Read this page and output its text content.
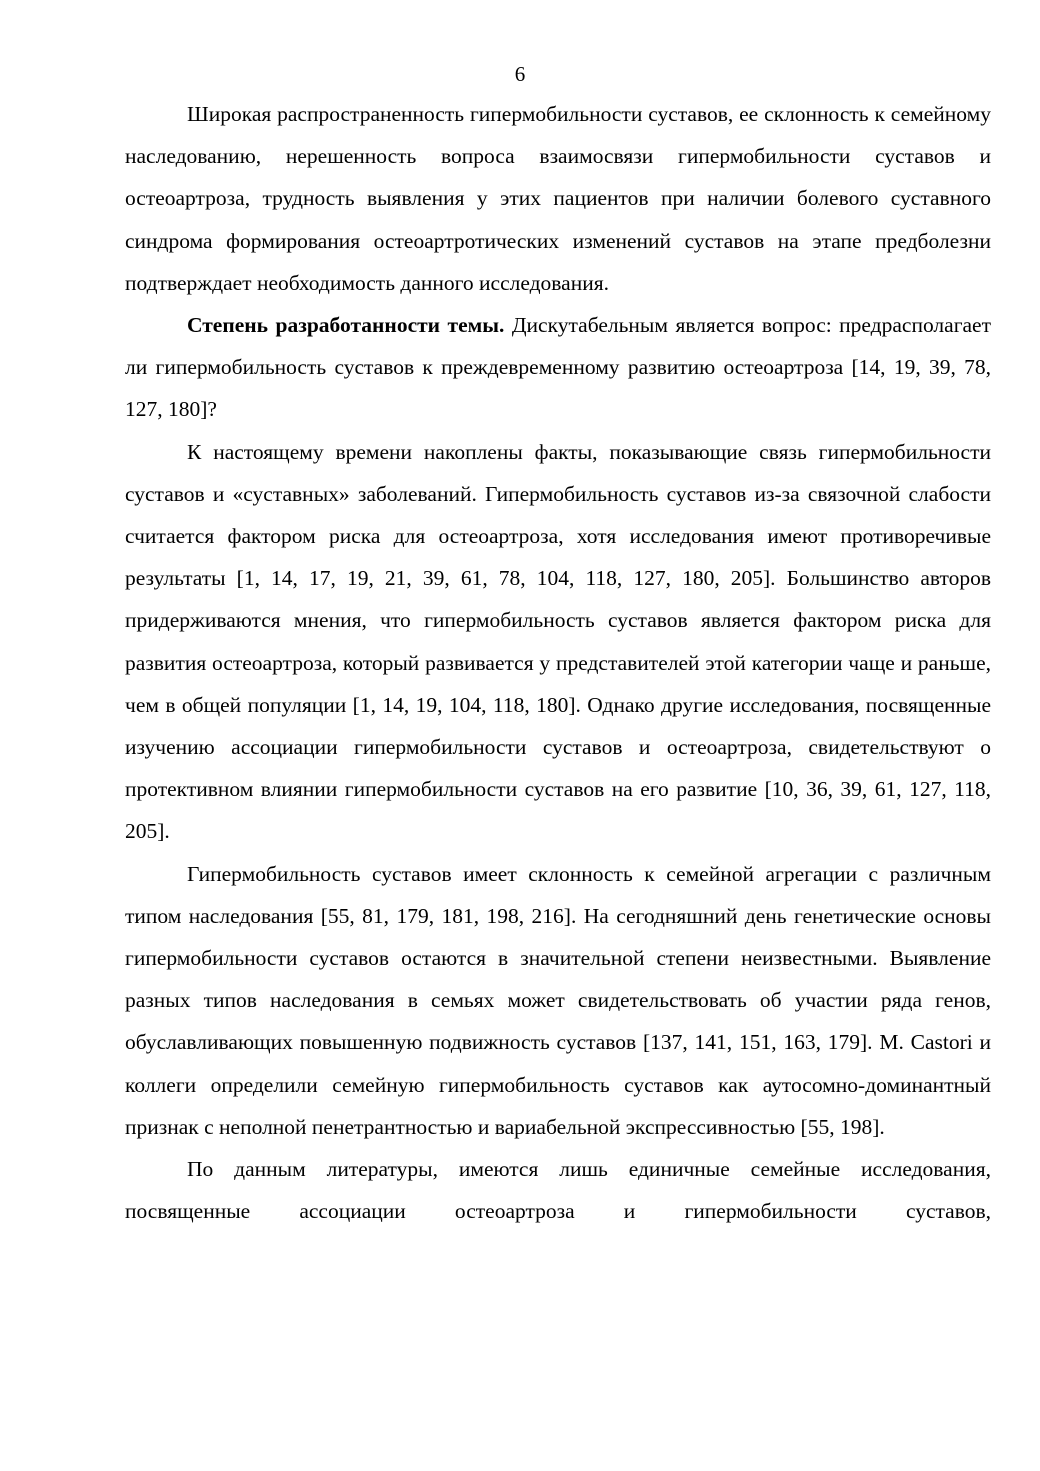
6

Широкая распространенность гипермобильности суставов, ее склонность к семейному наследованию, нерешенность вопроса взаимосвязи гипермобильности суставов и остеоартроза, трудность выявления у этих пациентов при наличии болевого суставного синдрома формирования остеоартротических изменений суставов на этапе предболезни подтверждает необходимость данного исследования.

Степень разработанности темы. Дискутабельным является вопрос: предрасполагает ли гипермобильность суставов к преждевременному развитию остеоартроза [14, 19, 39, 78, 127, 180]?

К настоящему времени накоплены факты, показывающие связь гипермобильности суставов и «суставных» заболеваний. Гипермобильность суставов из-за связочной слабости считается фактором риска для остеоартроза, хотя исследования имеют противоречивые результаты [1, 14, 17, 19, 21, 39, 61, 78, 104, 118, 127, 180, 205]. Большинство авторов придерживаются мнения, что гипермобильность суставов является фактором риска для развития остеоартроза, который развивается у представителей этой категории чаще и раньше, чем в общей популяции [1, 14, 19, 104, 118, 180]. Однако другие исследования, посвященные изучению ассоциации гипермобильности суставов и остеоартроза, свидетельствуют о протективном влиянии гипермобильности суставов на его развитие [10, 36, 39, 61, 127, 118, 205].

Гипермобильность суставов имеет склонность к семейной агрегации с различным типом наследования [55, 81, 179, 181, 198, 216]. На сегодняшний день генетические основы гипермобильности суставов остаются в значительной степени неизвестными. Выявление разных типов наследования в семьях может свидетельствовать об участии ряда генов, обуславливающих повышенную подвижность суставов [137, 141, 151, 163, 179]. M. Castori и коллеги определили семейную гипермобильность суставов как аутосомно-доминантный признак с неполной пенетрантностью и вариабельной экспрессивностью [55, 198].

По данным литературы, имеются лишь единичные семейные исследования, посвященные ассоциации остеоартроза и гипермобильности суставов,
